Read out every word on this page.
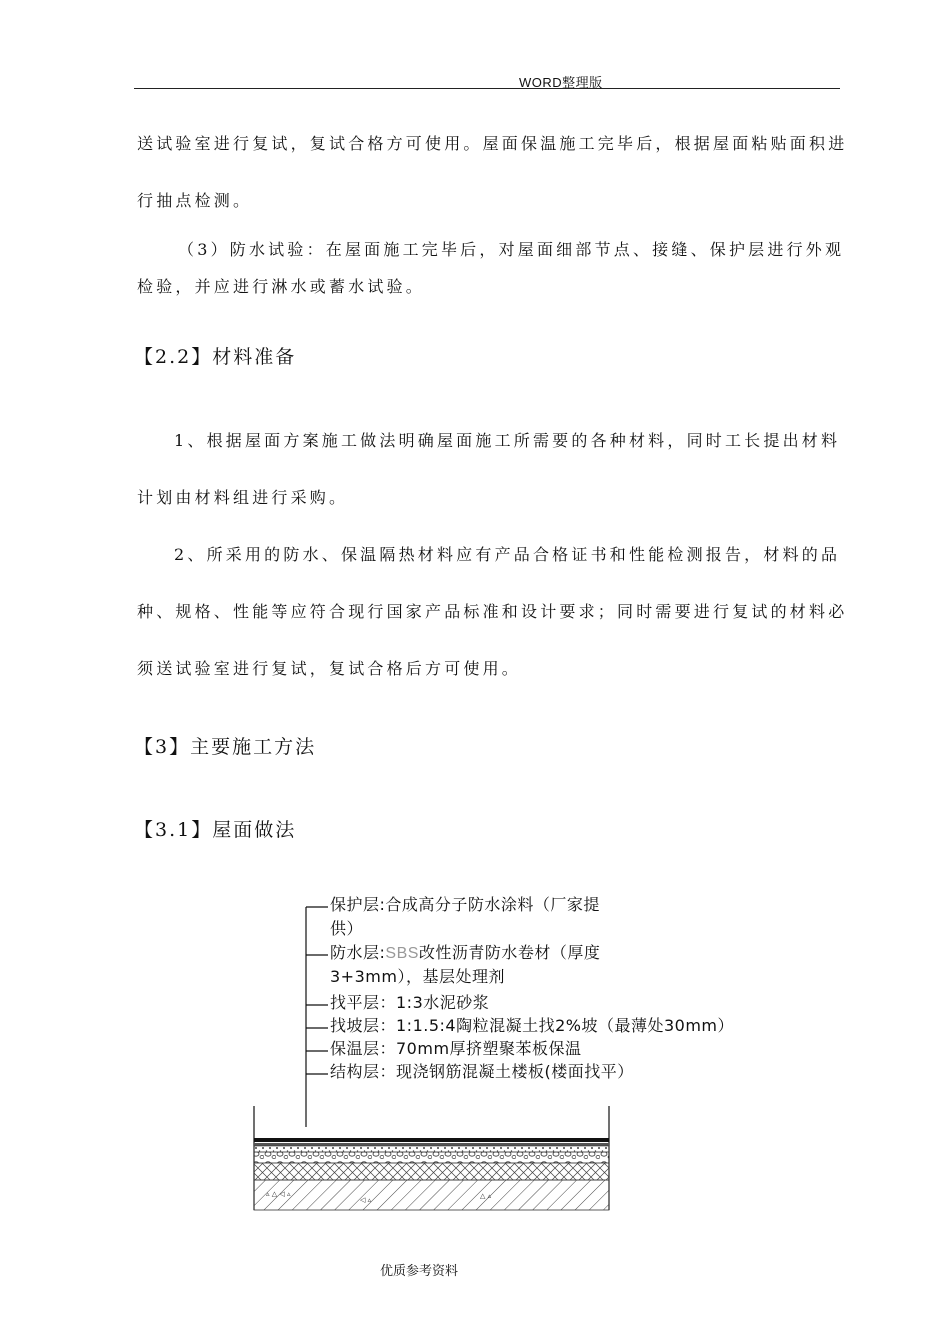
WORD整理版
送试验室进行复试，复试合格方可使用。屋面保温施工完毕后，根据屋面粘贴面积进
行抽点检测。
（3）防水试验：在屋面施工完毕后，对屋面细部节点、接缝、保护层进行外观
检验，并应进行淋水或蓄水试验。
【2.2】材料准备
1、根据屋面方案施工做法明确屋面施工所需要的各种材料，同时工长提出材料
计划由材料组进行采购。
2、所采用的防水、保温隔热材料应有产品合格证书和性能检测报告，材料的品
种、规格、性能等应符合现行国家产品标准和设计要求；同时需要进行复试的材料必
须送试验室进行复试，复试合格后方可使用。
【3】主要施工方法
【3.1】屋面做法
▵ △ ◁ ▵	△ ▵
◁ ▵
保护层:合成高分子防水涂料（厂家提
供）
防水层:SBS改性沥青防水卷材（厚度
3+3mm），基层处理剂
找平层：1:3水泥砂浆
找坡层：1:1.5:4陶粒混凝土找2%坡（最薄处30mm）
保温层：70mm厚挤塑聚苯板保温
结构层：现浇钢筋混凝土楼板(楼面找平）
优质参考资料
